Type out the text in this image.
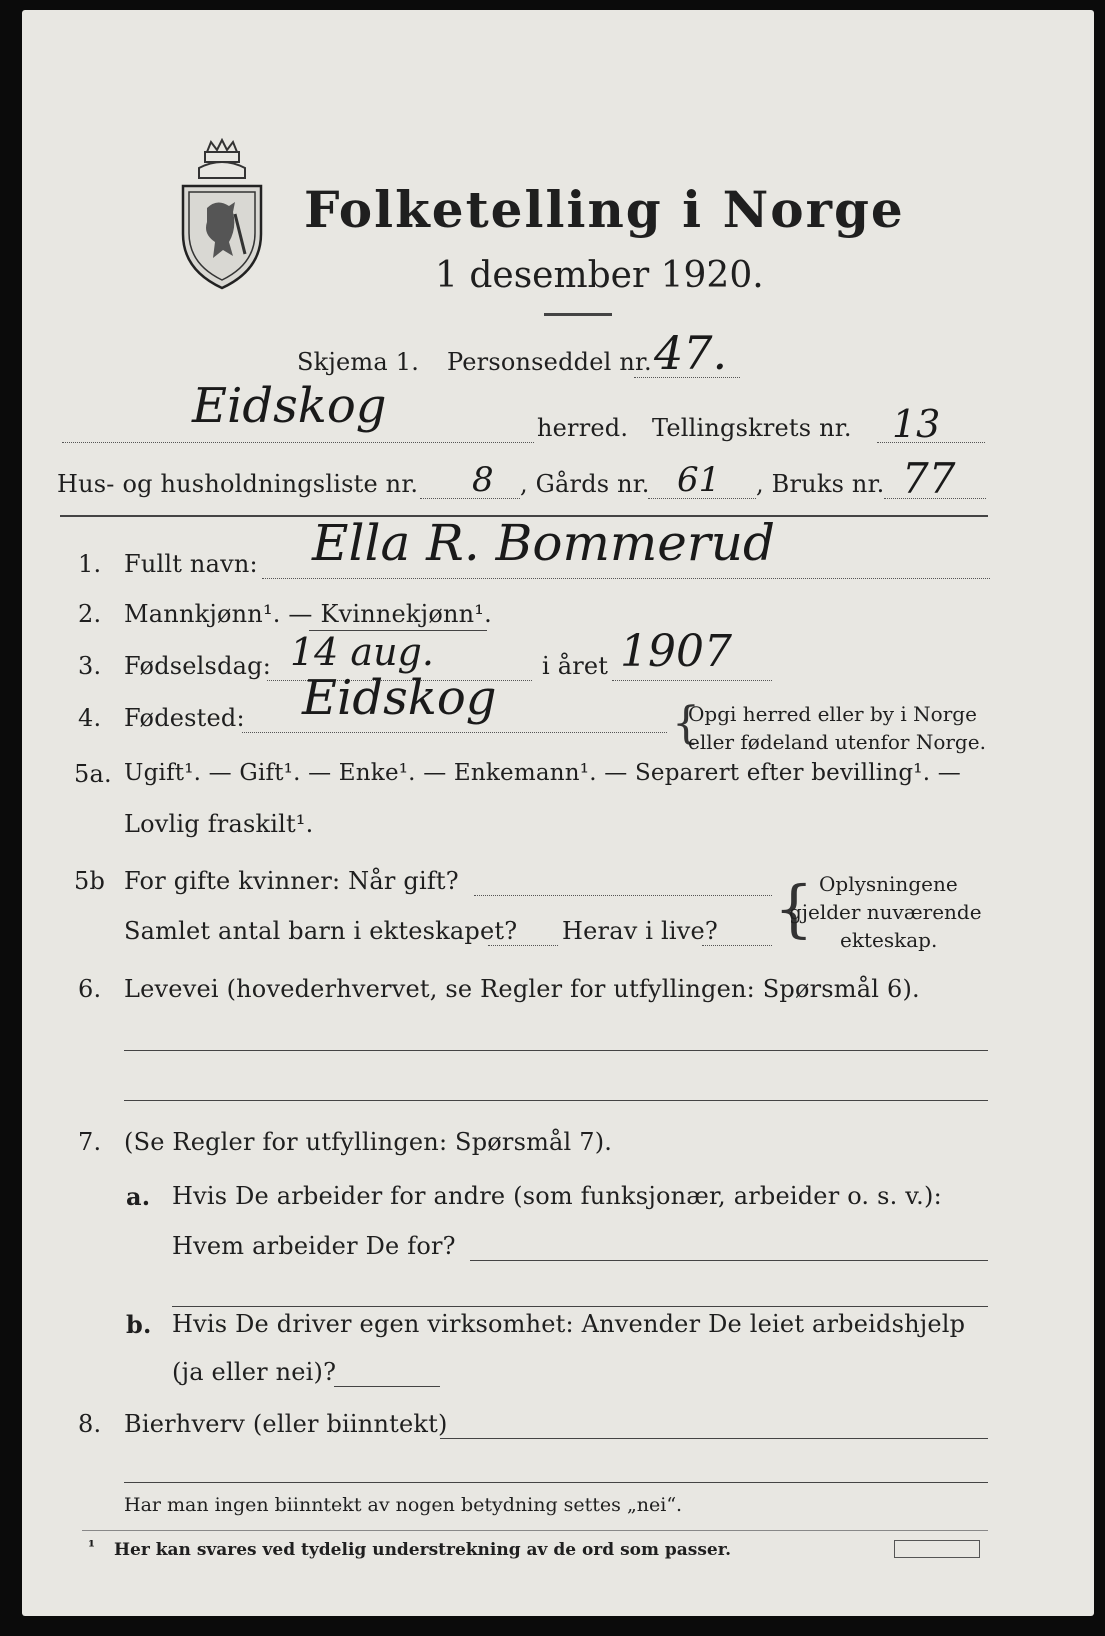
Folketelling i Norge
1 desember 1920.
Skjema 1. Personseddel nr. 47.
Eidskog	herred. Tellingskrets nr. 13
Hus- og husholdningsliste nr. 8 , Gårds nr. 61 , Bruks nr. 77
1. Fullt navn: Ella R. Bommerud
2. Mannkjønn¹. — Kvinnekjønn¹.
3. Fødselsdag: 14 aug.	i året 1907
4. Fødested: Eidskog	{
Opgi herred eller by i Norge
eller fødeland utenfor Norge.
5a. Ugift¹. — Gift¹. — Enke¹. — Enkemann¹. — Separert efter bevilling¹. —
Lovlig fraskilt¹.
5b For gifte kvinner: Når gift?
Samlet antal barn i ekteskapet? Herav i live? { Oplysningene
gjelder nuværende
ekteskap.
6. Levevei (hovederhvervet, se Regler for utfyllingen: Spørsmål 6).
7. (Se Regler for utfyllingen: Spørsmål 7).
a. Hvis De arbeider for andre (som funksjonær, arbeider o. s. v.):
Hvem arbeider De for?
b. Hvis De driver egen virksomhet: Anvender De leiet arbeidshjelp
(ja eller nei)?
8. Bierhverv (eller biinntekt)
Har man ingen biinntekt av nogen betydning settes „nei“.
¹ Her kan svares ved tydelig understrekning av de ord som passer.
